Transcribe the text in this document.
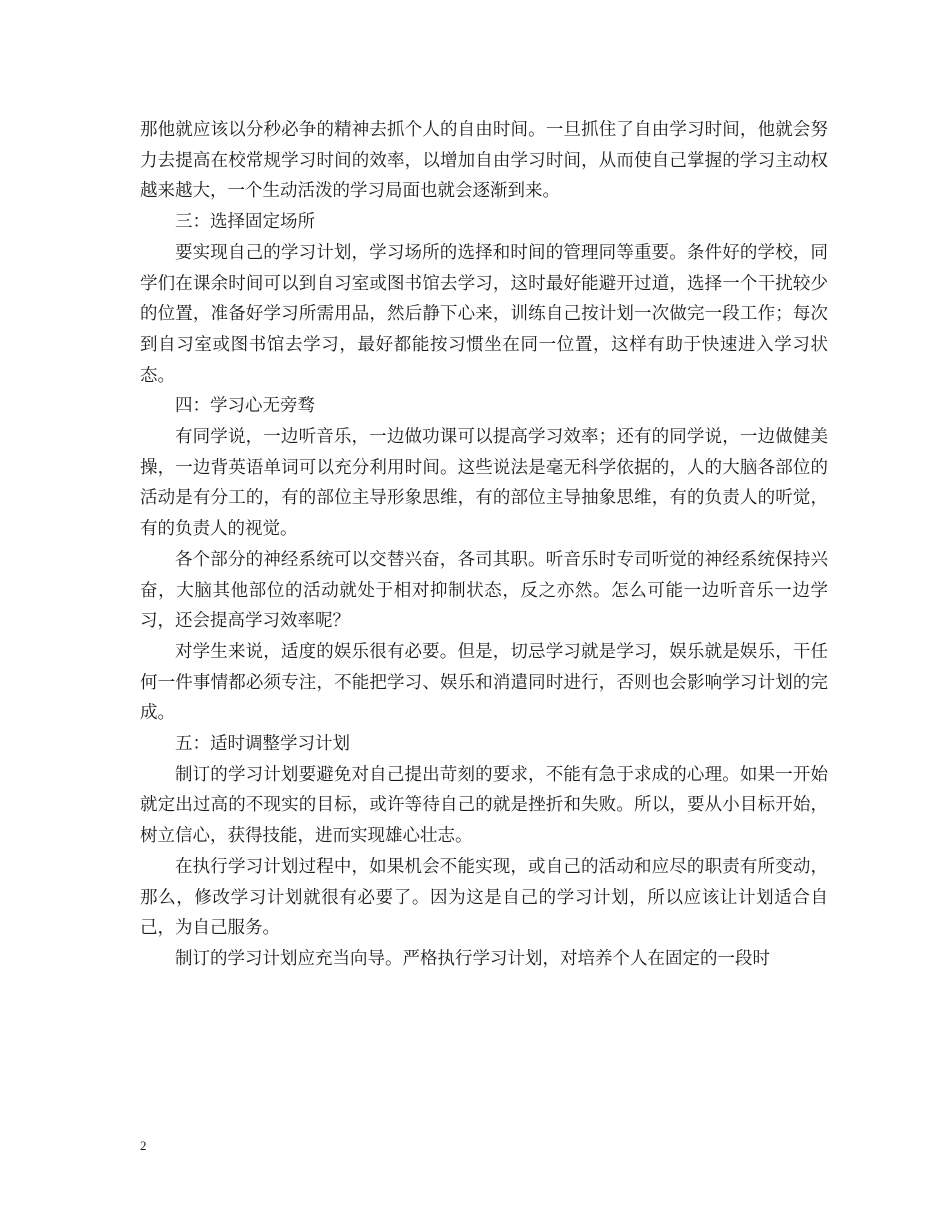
那他就应该以分秒必争的精神去抓个人的自由时间。一旦抓住了自由学习时间，他就会努力去提高在校常规学习时间的效率，以增加自由学习时间，从而使自己掌握的学习主动权越来越大，一个生动活泼的学习局面也就会逐渐到来。

三：选择固定场所

要实现自己的学习计划，学习场所的选择和时间的管理同等重要。条件好的学校，同学们在课余时间可以到自习室或图书馆去学习，这时最好能避开过道，选择一个干扰较少的位置，准备好学习所需用品，然后静下心来，训练自己按计划一次做完一段工作；每次到自习室或图书馆去学习，最好都能按习惯坐在同一位置，这样有助于快速进入学习状态。

四：学习心无旁骛

有同学说，一边听音乐，一边做功课可以提高学习效率；还有的同学说，一边做健美操，一边背英语单词可以充分利用时间。这些说法是毫无科学依据的，人的大脑各部位的活动是有分工的，有的部位主导形象思维，有的部位主导抽象思维，有的负责人的听觉，有的负责人的视觉。

各个部分的神经系统可以交替兴奋，各司其职。听音乐时专司听觉的神经系统保持兴奋，大脑其他部位的活动就处于相对抑制状态，反之亦然。怎么可能一边听音乐一边学习，还会提高学习效率呢？

对学生来说，适度的娱乐很有必要。但是，切忌学习就是学习，娱乐就是娱乐，干任何一件事情都必须专注，不能把学习、娱乐和消遣同时进行，否则也会影响学习计划的完成。

五：适时调整学习计划

制订的学习计划要避免对自己提出苛刻的要求，不能有急于求成的心理。如果一开始就定出过高的不现实的目标，或许等待自己的就是挫折和失败。所以，要从小目标开始，树立信心，获得技能，进而实现雄心壮志。

在执行学习计划过程中，如果机会不能实现，或自己的活动和应尽的职责有所变动，那么，修改学习计划就很有必要了。因为这是自己的学习计划，所以应该让计划适合自己，为自己服务。

制订的学习计划应充当向导。严格执行学习计划，对培养个人在固定的一段时

2
